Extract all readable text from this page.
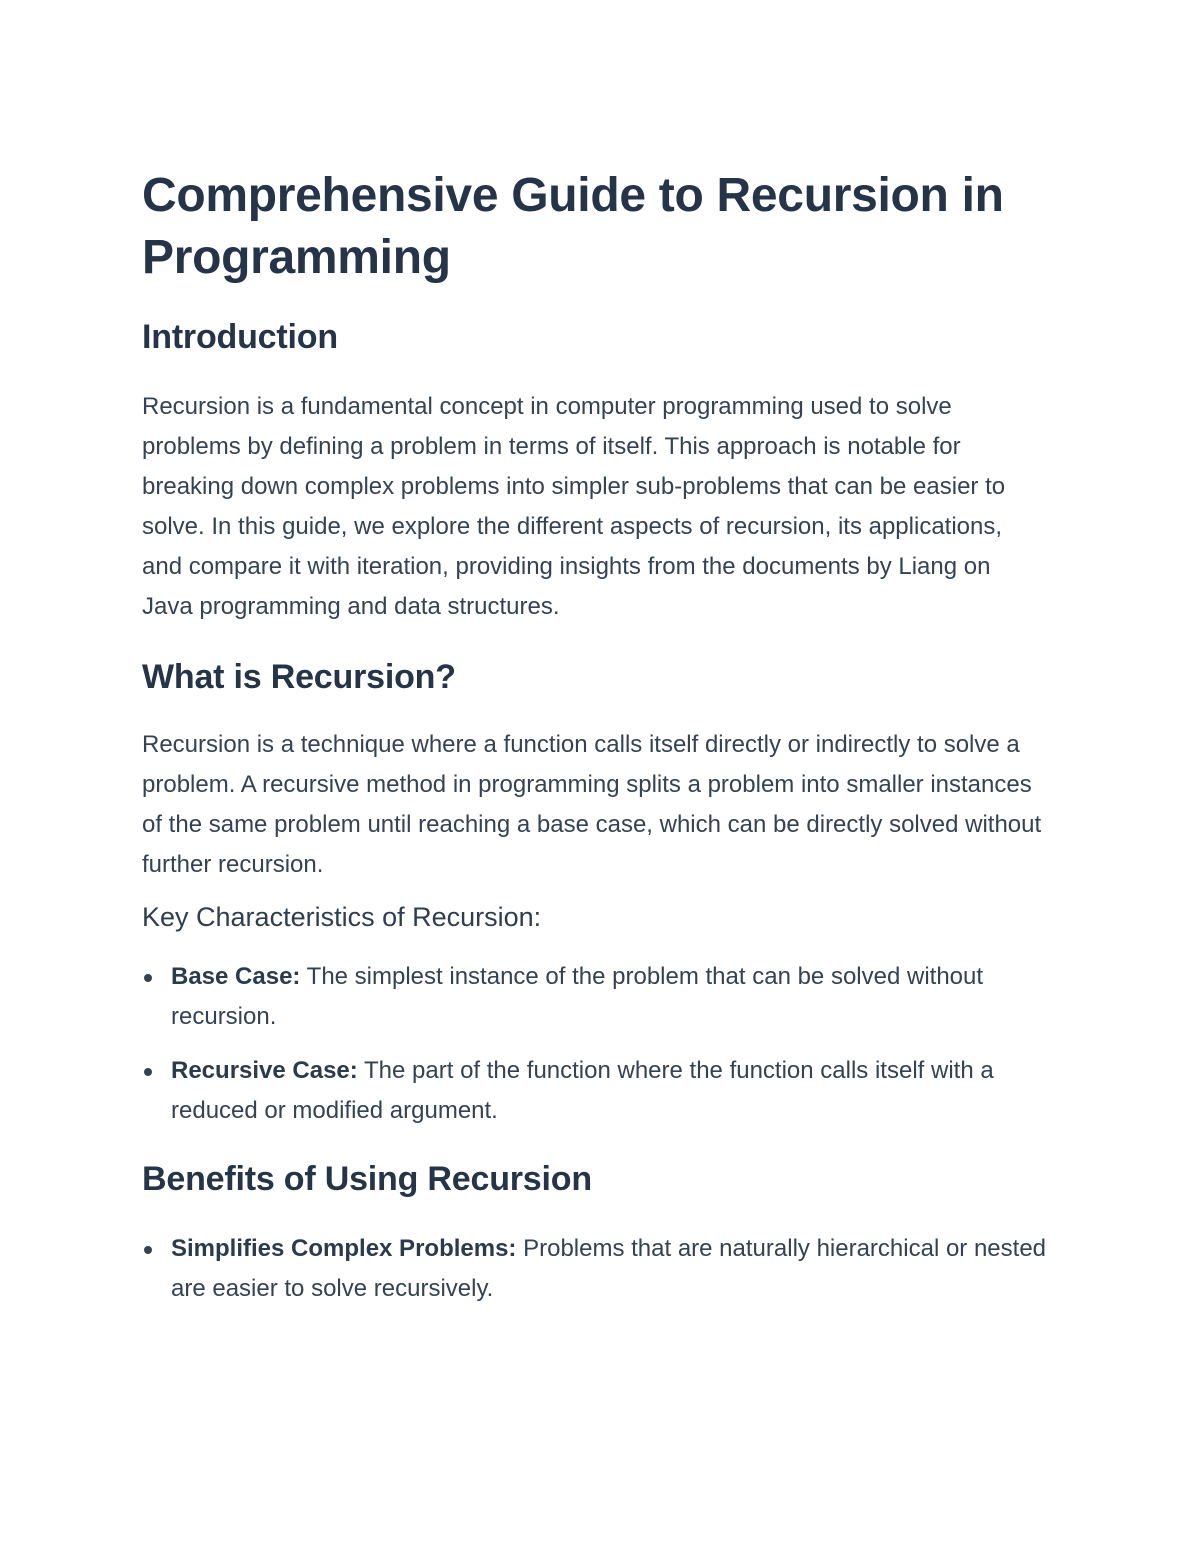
Comprehensive Guide to Recursion in Programming
Introduction

Recursion is a fundamental concept in computer programming used to solve problems by defining a problem in terms of itself. This approach is notable for breaking down complex problems into simpler sub-problems that can be easier to solve. In this guide, we explore the different aspects of recursion, its applications, and compare it with iteration, providing insights from the documents by Liang on Java programming and data structures.

What is Recursion?

Recursion is a technique where a function calls itself directly or indirectly to solve a problem. A recursive method in programming splits a problem into smaller instances of the same problem until reaching a base case, which can be directly solved without further recursion.

Key Characteristics of Recursion:
Base Case: The simplest instance of the problem that can be solved without recursion.
Recursive Case: The part of the function where the function calls itself with a reduced or modified argument.
Benefits of Using Recursion
Simplifies Complex Problems: Problems that are naturally hierarchical or nested are easier to solve recursively.
